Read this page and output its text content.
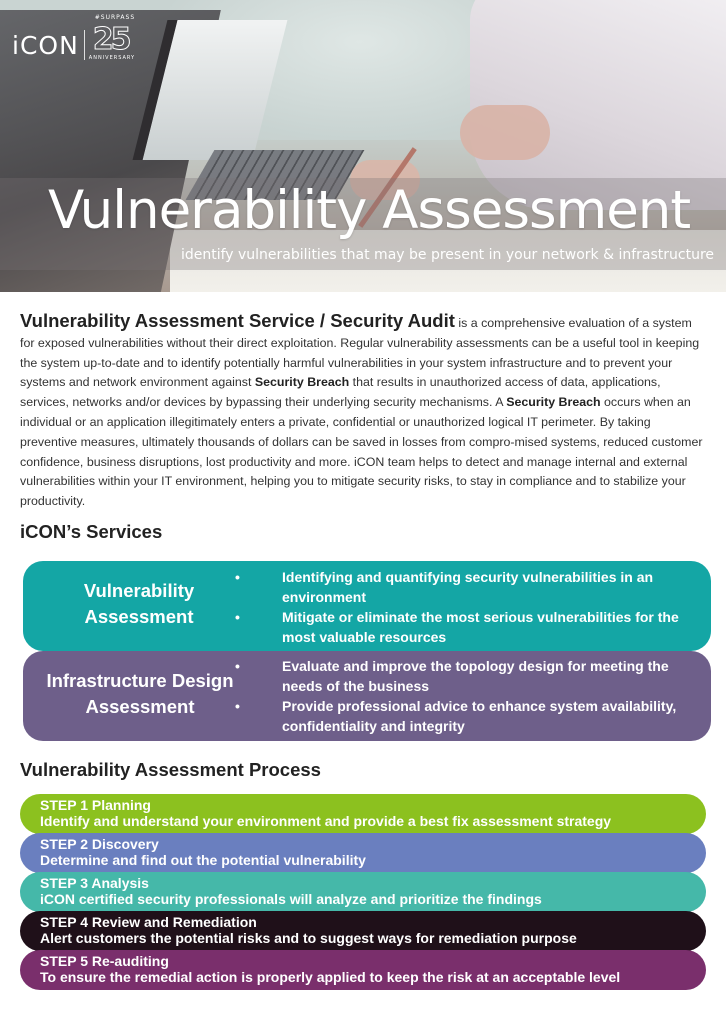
iCON
#SURPASS
25
ANNIVERSARY
Vulnerability Assessment
identify vulnerabilities that may be present in your network & infrastructure
Vulnerability Assessment Service / Security Audit is a comprehensive evaluation of a system for exposed vulnerabilities without their direct exploitation. Regular vulnerability assessments can be a useful tool in keeping the system up-to-date and to identify potentially harmful vulnerabilities in your system infrastructure and to prevent your systems and network environment against Security Breach that results in unauthorized access of data, applications, services, networks and/or devices by bypassing their underlying security mechanisms. A Security Breach occurs when an individual or an application illegitimately enters a private, confidential or unauthorized logical IT perimeter. By taking preventive measures, ultimately thousands of dollars can be saved in losses from compro-mised systems, reduced customer confidence, business disruptions, lost productivity and more. iCON team helps to detect and manage internal and external vulnerabilities within your IT environment, helping you to mitigate security risks, to stay in compliance and to stabilize your productivity.
iCON’s Services
Vulnerability
Assessment
•	Identifying and quantifying security vulnerabilities in an environment
•	Mitigate or eliminate the most serious vulnerabilities for the most valuable resources
Infrastructure Design
Assessment
•	Evaluate and improve the topology design for meeting the needs of the business
•	Provide professional advice to enhance system availability, confidentiality and integrity
Vulnerability Assessment Process
STEP 1 Planning
Identify and understand your environment and provide a best fix assessment strategy
STEP 2 Discovery
Determine and find out the potential vulnerability
STEP 3 Analysis
iCON certified security professionals will analyze and prioritize the findings
STEP 4 Review and Remediation
Alert customers the potential risks and to suggest ways for remediation purpose
STEP 5 Re-auditing
To ensure the remedial action is properly applied to keep the risk at an acceptable level
